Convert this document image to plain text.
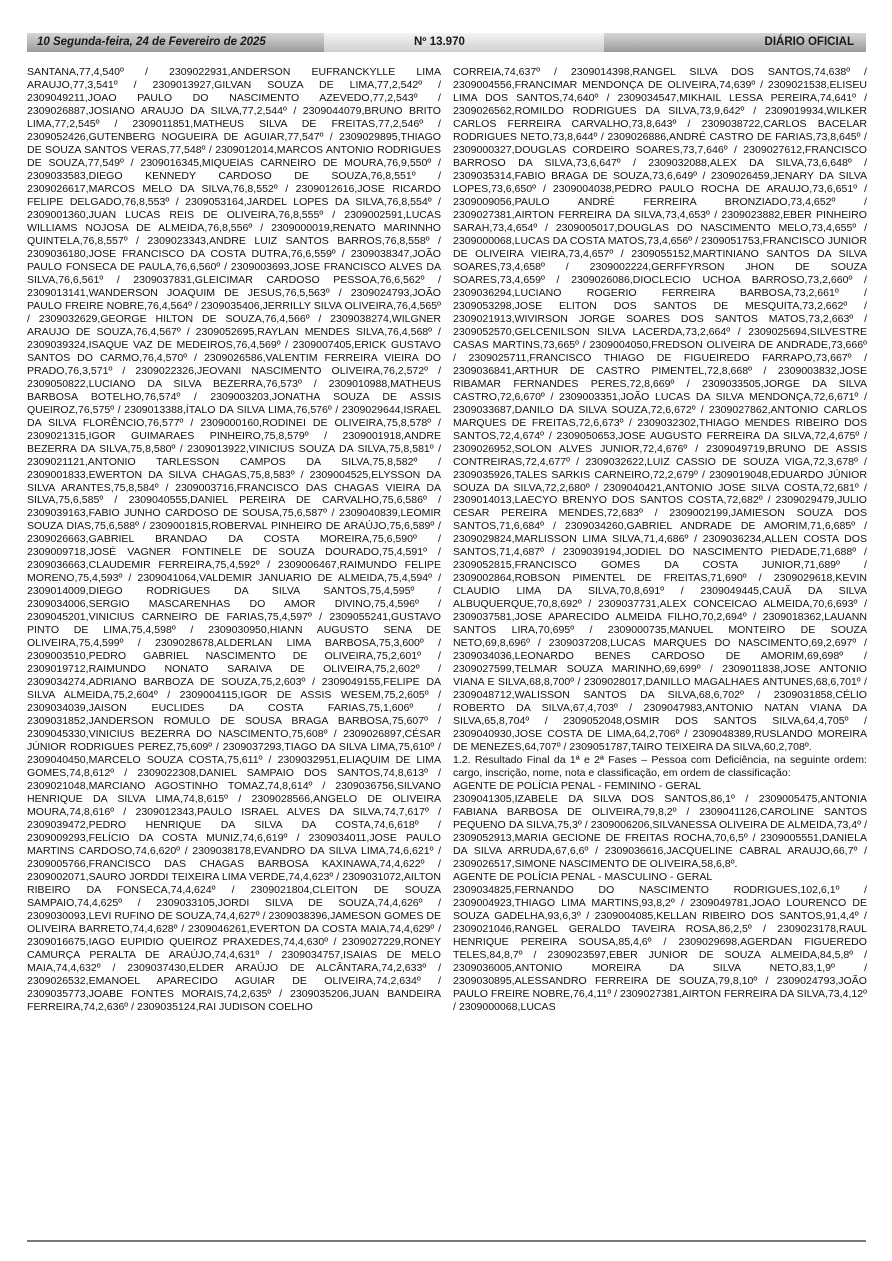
10 Segunda-feira, 24 de Fevereiro de 2025	Nº 13.970	DIÁRIO OFICIAL

SANTANA,77,4,540º / 2309022931,ANDERSON EUFRANCKYLLE LIMA ARAUJO,77,3,541º / 2309013927,GILVAN SOUZA DE LIMA,77,2,542º / 2309049211,JOAO PAULO DO NASCIMENTO AZEVEDO,77,2,543º / 2309026887,JOSIANO ARAUJO DA SILVA,77,2,544º / 2309044079,BRUNO BRITO LIMA,77,2,545º / 2309011851,MATHEUS SILVA DE FREITAS,77,2,546º / 2309052426,GUTENBERG NOGUEIRA DE AGUIAR,77,547º / 2309029895,THIAGO DE SOUZA SANTOS VERAS,77,548º / 2309012014,MARCOS ANTONIO RODRIGUES DE SOUZA,77,549º / 2309016345,MIQUEIAS CARNEIRO DE MOURA,76,9,550º / 2309033583,DIEGO KENNEDY CARDOSO DE SOUZA,76,8,551º / 2309026617,MARCOS MELO DA SILVA,76,8,552º / 2309012616,JOSE RICARDO FELIPE DELGADO,76,8,553º / 2309053164,JARDEL LOPES DA SILVA,76,8,554º / 2309001360,JUAN LUCAS REIS DE OLIVEIRA,76,8,555º / 2309002591,LUCAS WILLIAMS NOJOSA DE ALMEIDA,76,8,556º / 2309000019,RENATO MARINNHO QUINTELA,76,8,557º / 2309023343,ANDRE LUIZ SANTOS BARROS,76,8,558º / 2309036180,JOSE FRANCISCO DA COSTA DUTRA,76,6,559º / 2309038347,JOÃO PAULO FONSECA DE PAULA,76,6,560º / 2309003693,JOSE FRANCISCO ALVES DA SILVA,76,6,561º / 2309037831,GLEICIMAR CARDOSO PESSOA,76,6,562º / 2309013141,WANDERSON JOAQUIM DE JESUS,76,5,563º / 2309024793,JOÃO PAULO FREIRE NOBRE,76,4,564º / 2309035406,JERRILLY SILVA OLIVEIRA,76,4,565º / 2309032629,GEORGE HILTON DE SOUZA,76,4,566º / 2309038274,WILGNER ARAUJO DE SOUZA,76,4,567º / 2309052695,RAYLAN MENDES SILVA,76,4,568º / 2309039324,ISAQUE VAZ DE MEDEIROS,76,4,569º / 2309007405,ERICK GUSTAVO SANTOS DO CARMO,76,4,570º / 2309026586,VALENTIM FERREIRA VIEIRA DO PRADO,76,3,571º / 2309022326,JEOVANI NASCIMENTO OLIVEIRA,76,2,572º / 2309050822,LUCIANO DA SILVA BEZERRA,76,573º / 2309010988,MATHEUS BARBOSA BOTELHO,76,574º / 2309003203,JONATHA SOUZA DE ASSIS QUEIROZ,76,575º / 2309013388,ÍTALO DA SILVA LIMA,76,576º / 2309029644,ISRAEL DA SILVA FLORÊNCIO,76,577º / 2309000160,RODINEI DE OLIVEIRA,75,8,578º / 2309021315,IGOR GUIMARAES PINHEIRO,75,8,579º / 2309001918,ANDRE BEZERRA DA SILVA,75,8,580º / 2309013922,VINICIUS SOUZA DA SILVA,75,8,581º / 2309021121,ANTONIO TARLESSON CAMPOS DA SILVA,75,8,582º / 2309001833,EWERTON DA SILVA CHAGAS,75,8,583º / 2309004525,ELYSSON DA SILVA ARANTES,75,8,584º / 2309003716,FRANCISCO DAS CHAGAS VIEIRA DA SILVA,75,6,585º / 2309040555,DANIEL PEREIRA DE CARVALHO,75,6,586º / 2309039163,FABIO JUNHO CARDOSO DE SOUSA,75,6,587º / 2309040839,LEOMIR SOUZA DIAS,75,6,588º / 2309001815,ROBERVAL PINHEIRO DE ARAÚJO,75,6,589º / 2309026663,GABRIEL BRANDAO DA COSTA MOREIRA,75,6,590º / 2309009718,JOSÉ VAGNER FONTINELE DE SOUZA DOURADO,75,4,591º / 2309036663,CLAUDEMIR FERREIRA,75,4,592º / 2309006467,RAIMUNDO FELIPE MORENO,75,4,593º / 2309041064,VALDEMIR JANUARIO DE ALMEIDA,75,4,594º / 2309014009,DIEGO RODRIGUES DA SILVA SANTOS,75,4,595º / 2309034006,SERGIO MASCARENHAS DO AMOR DIVINO,75,4,596º / 2309045201,VINICIUS CARNEIRO DE FARIAS,75,4,597º / 2309055241,GUSTAVO PINTO DE LIMA,75,4,598º / 2309030950,HIANN AUGUSTO SENA DE OLIVEIRA,75,4,599º / 2309028678,ALDERLAN LIMA BARBOSA,75,3,600º / 2309003510,PEDRO GABRIEL NASCIMENTO DE OLIVEIRA,75,2,601º / 2309019712,RAIMUNDO NONATO SARAIVA DE OLIVEIRA,75,2,602º / 2309034274,ADRIANO BARBOZA DE SOUZA,75,2,603º / 2309049155,FELIPE DA SILVA ALMEIDA,75,2,604º / 2309004115,IGOR DE ASSIS WESEM,75,2,605º / 2309034039,JAISON EUCLIDES DA COSTA FARIAS,75,1,606º / 2309031852,JANDERSON ROMULO DE SOUSA BRAGA BARBOSA,75,607º / 2309045330,VINICIUS BEZERRA DO NASCIMENTO,75,608º / 2309026897,CÉSAR JÚNIOR RODRIGUES PEREZ,75,609º / 2309037293,TIAGO DA SILVA LIMA,75,610º / 2309040450,MARCELO SOUZA COSTA,75,611º / 2309032951,ELIAQUIM DE LIMA GOMES,74,8,612º / 2309022308,DANIEL SAMPAIO DOS SANTOS,74,8,613º / 2309021048,MARCIANO AGOSTINHO TOMAZ,74,8,614º / 2309036756,SILVANO HENRIQUE DA SILVA LIMA,74,8,615º / 2309028566,ANGELO DE OLIVEIRA MOURA,74,8,616º / 2309012343,PAULO ISRAEL ALVES DA SILVA,74,7,617º / 2309039472,PEDRO HENRIQUE DA SILVA DA COSTA,74,6,618º / 2309009293,FELÍCIO DA COSTA MUNIZ,74,6,619º / 2309034011,JOSE PAULO MARTINS CARDOSO,74,6,620º / 2309038178,EVANDRO DA SILVA LIMA,74,6,621º / 2309005766,FRANCISCO DAS CHAGAS BARBOSA KAXINAWA,74,4,622º / 2309002071,SAURO JORDDI TEIXEIRA LIMA VERDE,74,4,623º / 2309031072,AILTON RIBEIRO DA FONSECA,74,4,624º / 2309021804,CLEITON DE SOUZA SAMPAIO,74,4,625º / 2309033105,JORDI SILVA DE SOUZA,74,4,626º / 2309030093,LEVI RUFINO DE SOUZA,74,4,627º / 2309038396,JAMESON GOMES DE OLIVEIRA BARRETO,74,4,628º / 2309046261,EVERTON DA COSTA MAIA,74,4,629º / 2309016675,IAGO EUPIDIO QUEIROZ PRAXEDES,74,4,630º / 2309027229,RONEY CAMURÇA PERALTA DE ARAÚJO,74,4,631º / 2309034757,ISAIAS DE MELO MAIA,74,4,632º / 2309037430,ELDER ARAÚJO DE ALCÂNTARA,74,2,633º / 2309026532,EMANOEL APARECIDO AGUIAR DE OLIVEIRA,74,2,634º / 2309035773,JOABE FONTES MORAIS,74,2,635º / 2309035206,JUAN BANDEIRA FERREIRA,74,2,636º / 2309035124,RAI JUDISON COELHO

CORREIA,74,637º / 2309014398,RANGEL SILVA DOS SANTOS,74,638º / 2309004556,FRANCIMAR MENDONÇA DE OLIVEIRA,74,639º / 2309021538,ELISEU LIMA DOS SANTOS,74,640º / 2309034547,MIKHAIL LESSA PEREIRA,74,641º / 2309026562,ROMILDO RODRIGUES DA SILVA,73,9,642º / 2309019934,WILKER CARLOS FERREIRA CARVALHO,73,8,643º / 2309038722,CARLOS BACELAR RODRIGUES NETO,73,8,644º / 2309026886,ANDRÉ CASTRO DE FARIAS,73,8,645º / 2309000327,DOUGLAS CORDEIRO SOARES,73,7,646º / 2309027612,FRANCISCO BARROSO DA SILVA,73,6,647º / 2309032088,ALEX DA SILVA,73,6,648º / 2309035314,FABIO BRAGA DE SOUZA,73,6,649º / 2309026459,JENARY DA SILVA LOPES,73,6,650º / 2309004038,PEDRO PAULO ROCHA DE ARAUJO,73,6,651º / 2309009056,PAULO ANDRÉ FERREIRA BRONZIADO,73,4,652º / 2309027381,AIRTON FERREIRA DA SILVA,73,4,653º / 2309023882,EBER PINHEIRO SARAH,73,4,654º / 2309005017,DOUGLAS DO NASCIMENTO MELO,73,4,655º / 2309000068,LUCAS DA COSTA MATOS,73,4,656º / 2309051753,FRANCISCO JUNIOR DE OLIVEIRA VIEIRA,73,4,657º / 2309055152,MARTINIANO SANTOS DA SILVA SOARES,73,4,658º / 2309002224,GERFFYRSON JHON DE SOUZA SOARES,73,4,659º / 2309026086,DIOCLECIO UCHOA BARROSO,73,2,660º / 2309036294,LUCIANO ROGERIO FERREIRA BARBOSA,73,2,661º / 2309053298,JOSE ELITON DOS SANTOS DE MESQUITA,73,2,662º / 2309021913,WIVIRSON JORGE SOARES DOS SANTOS MATOS,73,2,663º / 2309052570,GELCENILSON SILVA LACERDA,73,2,664º / 2309025694,SILVESTRE CASAS MARTINS,73,665º / 2309004050,FREDSON OLIVEIRA DE ANDRADE,73,666º / 2309025711,FRANCISCO THIAGO DE FIGUEIREDO FARRAPO,73,667º / 2309036841,ARTHUR DE CASTRO PIMENTEL,72,8,668º / 2309003832,JOSE RIBAMAR FERNANDES PERES,72,8,669º / 2309033505,JORGE DA SILVA CASTRO,72,6,670º / 2309003351,JOÃO LUCAS DA SILVA MENDONÇA,72,6,671º / 2309033687,DANILO DA SILVA SOUZA,72,6,672º / 2309027862,ANTONIO CARLOS MARQUES DE FREITAS,72,6,673º / 2309032302,THIAGO MENDES RIBEIRO DOS SANTOS,72,4,674º / 2309050653,JOSE AUGUSTO FERREIRA DA SILVA,72,4,675º / 2309026952,SOLON ALVES JUNIOR,72,4,676º / 2309049719,BRUNO DE ASSIS CONTREIRAS,72,4,677º / 2309032622,LUIZ CASSIO DE SOUZA VIGA,72,3,678º / 2309035926,TALES SARKIS CARNEIRO,72,2,679º / 2309019048,EDUARDO JÚNIOR SOUZA DA SILVA,72,2,680º / 2309040421,ANTONIO JOSE SILVA COSTA,72,681º / 2309014013,LAECYO BRENYO DOS SANTOS COSTA,72,682º / 2309029479,JULIO CESAR PEREIRA MENDES,72,683º / 2309002199,JAMIESON SOUZA DOS SANTOS,71,6,684º / 2309034260,GABRIEL ANDRADE DE AMORIM,71,6,685º / 2309029824,MARLISSON LIMA SILVA,71,4,686º / 2309036234,ALLEN COSTA DOS SANTOS,71,4,687º / 2309039194,JODIEL DO NASCIMENTO PIEDADE,71,688º / 2309052815,FRANCISCO GOMES DA COSTA JUNIOR,71,689º / 2309002864,ROBSON PIMENTEL DE FREITAS,71,690º / 2309029618,KEVIN CLAUDIO LIMA DA SILVA,70,8,691º / 2309049445,CAUÃ DA SILVA ALBUQUERQUE,70,8,692º / 2309037731,ALEX CONCEICAO ALMEIDA,70,6,693º / 2309037581,JOSE APARECIDO ALMEIDA FILHO,70,2,694º / 2309018362,LAUANN SANTOS LIRA,70,695º / 2309000735,MANUEL MONTEIRO DE SOUZA NETO,69,8,696º / 2309037208,LUCAS MARQUES DO NASCIMENTO,69,2,697º / 2309034036,LEONARDO BENES CARDOSO DE AMORIM,69,698º / 2309027599,TELMAR SOUZA MARINHO,69,699º / 2309011838,JOSE ANTONIO VIANA E SILVA,68,8,700º / 2309028017,DANILLO MAGALHAES ANTUNES,68,6,701º / 2309048712,WALISSON SANTOS DA SILVA,68,6,702º / 2309031858,CÉLIO ROBERTO DA SILVA,67,4,703º / 2309047983,ANTONIO NATAN VIANA DA SILVA,65,8,704º / 2309052048,OSMIR DOS SANTOS SILVA,64,4,705º / 2309040930,JOSE COSTA DE LIMA,64,2,706º / 2309048389,RUSLANDO MOREIRA DE MENEZES,64,707º / 2309051787,TAIRO TEIXEIRA DA SILVA,60,2,708º.

1.2. Resultado Final da 1ª e 2ª Fases – Pessoa com Deficiência, na seguinte ordem: cargo, inscrição, nome, nota e classificação, em ordem de classificação:

AGENTE DE POLÍCIA PENAL - FEMININO - GERAL

2309041305,IZABELE DA SILVA DOS SANTOS,86,1º / 2309005475,ANTONIA FABIANA BARBOSA DE OLIVEIRA,79,8,2º / 2309041126,CAROLINE SANTOS PEQUENO DA SILVA,75,3º / 2309006206,SILVANESSA OLIVEIRA DE ALMEIDA,73,4º / 2309052913,MARIA GECIONE DE FREITAS ROCHA,70,6,5º / 2309005551,DANIELA DA SILVA ARRUDA,67,6,6º / 2309036616,JACQUELINE CABRAL ARAUJO,66,7º / 2309026517,SIMONE NASCIMENTO DE OLIVEIRA,58,6,8º.

AGENTE DE POLÍCIA PENAL - MASCULINO - GERAL

2309034825,FERNANDO DO NASCIMENTO RODRIGUES,102,6,1º / 2309004923,THIAGO LIMA MARTINS,93,8,2º / 2309049781,JOAO LOURENCO DE SOUZA GADELHA,93,6,3º / 2309004085,KELLAN RIBEIRO DOS SANTOS,91,4,4º / 2309021046,RANGEL GERALDO TAVEIRA ROSA,86,2,5º / 2309023178,RAUL HENRIQUE PEREIRA SOUSA,85,4,6º / 2309029698,AGERDAN FIGUEREDO TELES,84,8,7º / 2309023597,EBER JUNIOR DE SOUZA ALMEIDA,84,5,8º / 2309036005,ANTONIO MOREIRA DA SILVA NETO,83,1,9º / 2309030895,ALESSANDRO FERREIRA DE SOUZA,79,8,10º / 2309024793,JOÃO PAULO FREIRE NOBRE,76,4,11º / 2309027381,AIRTON FERREIRA DA SILVA,73,4,12º / 2309000068,LUCAS
